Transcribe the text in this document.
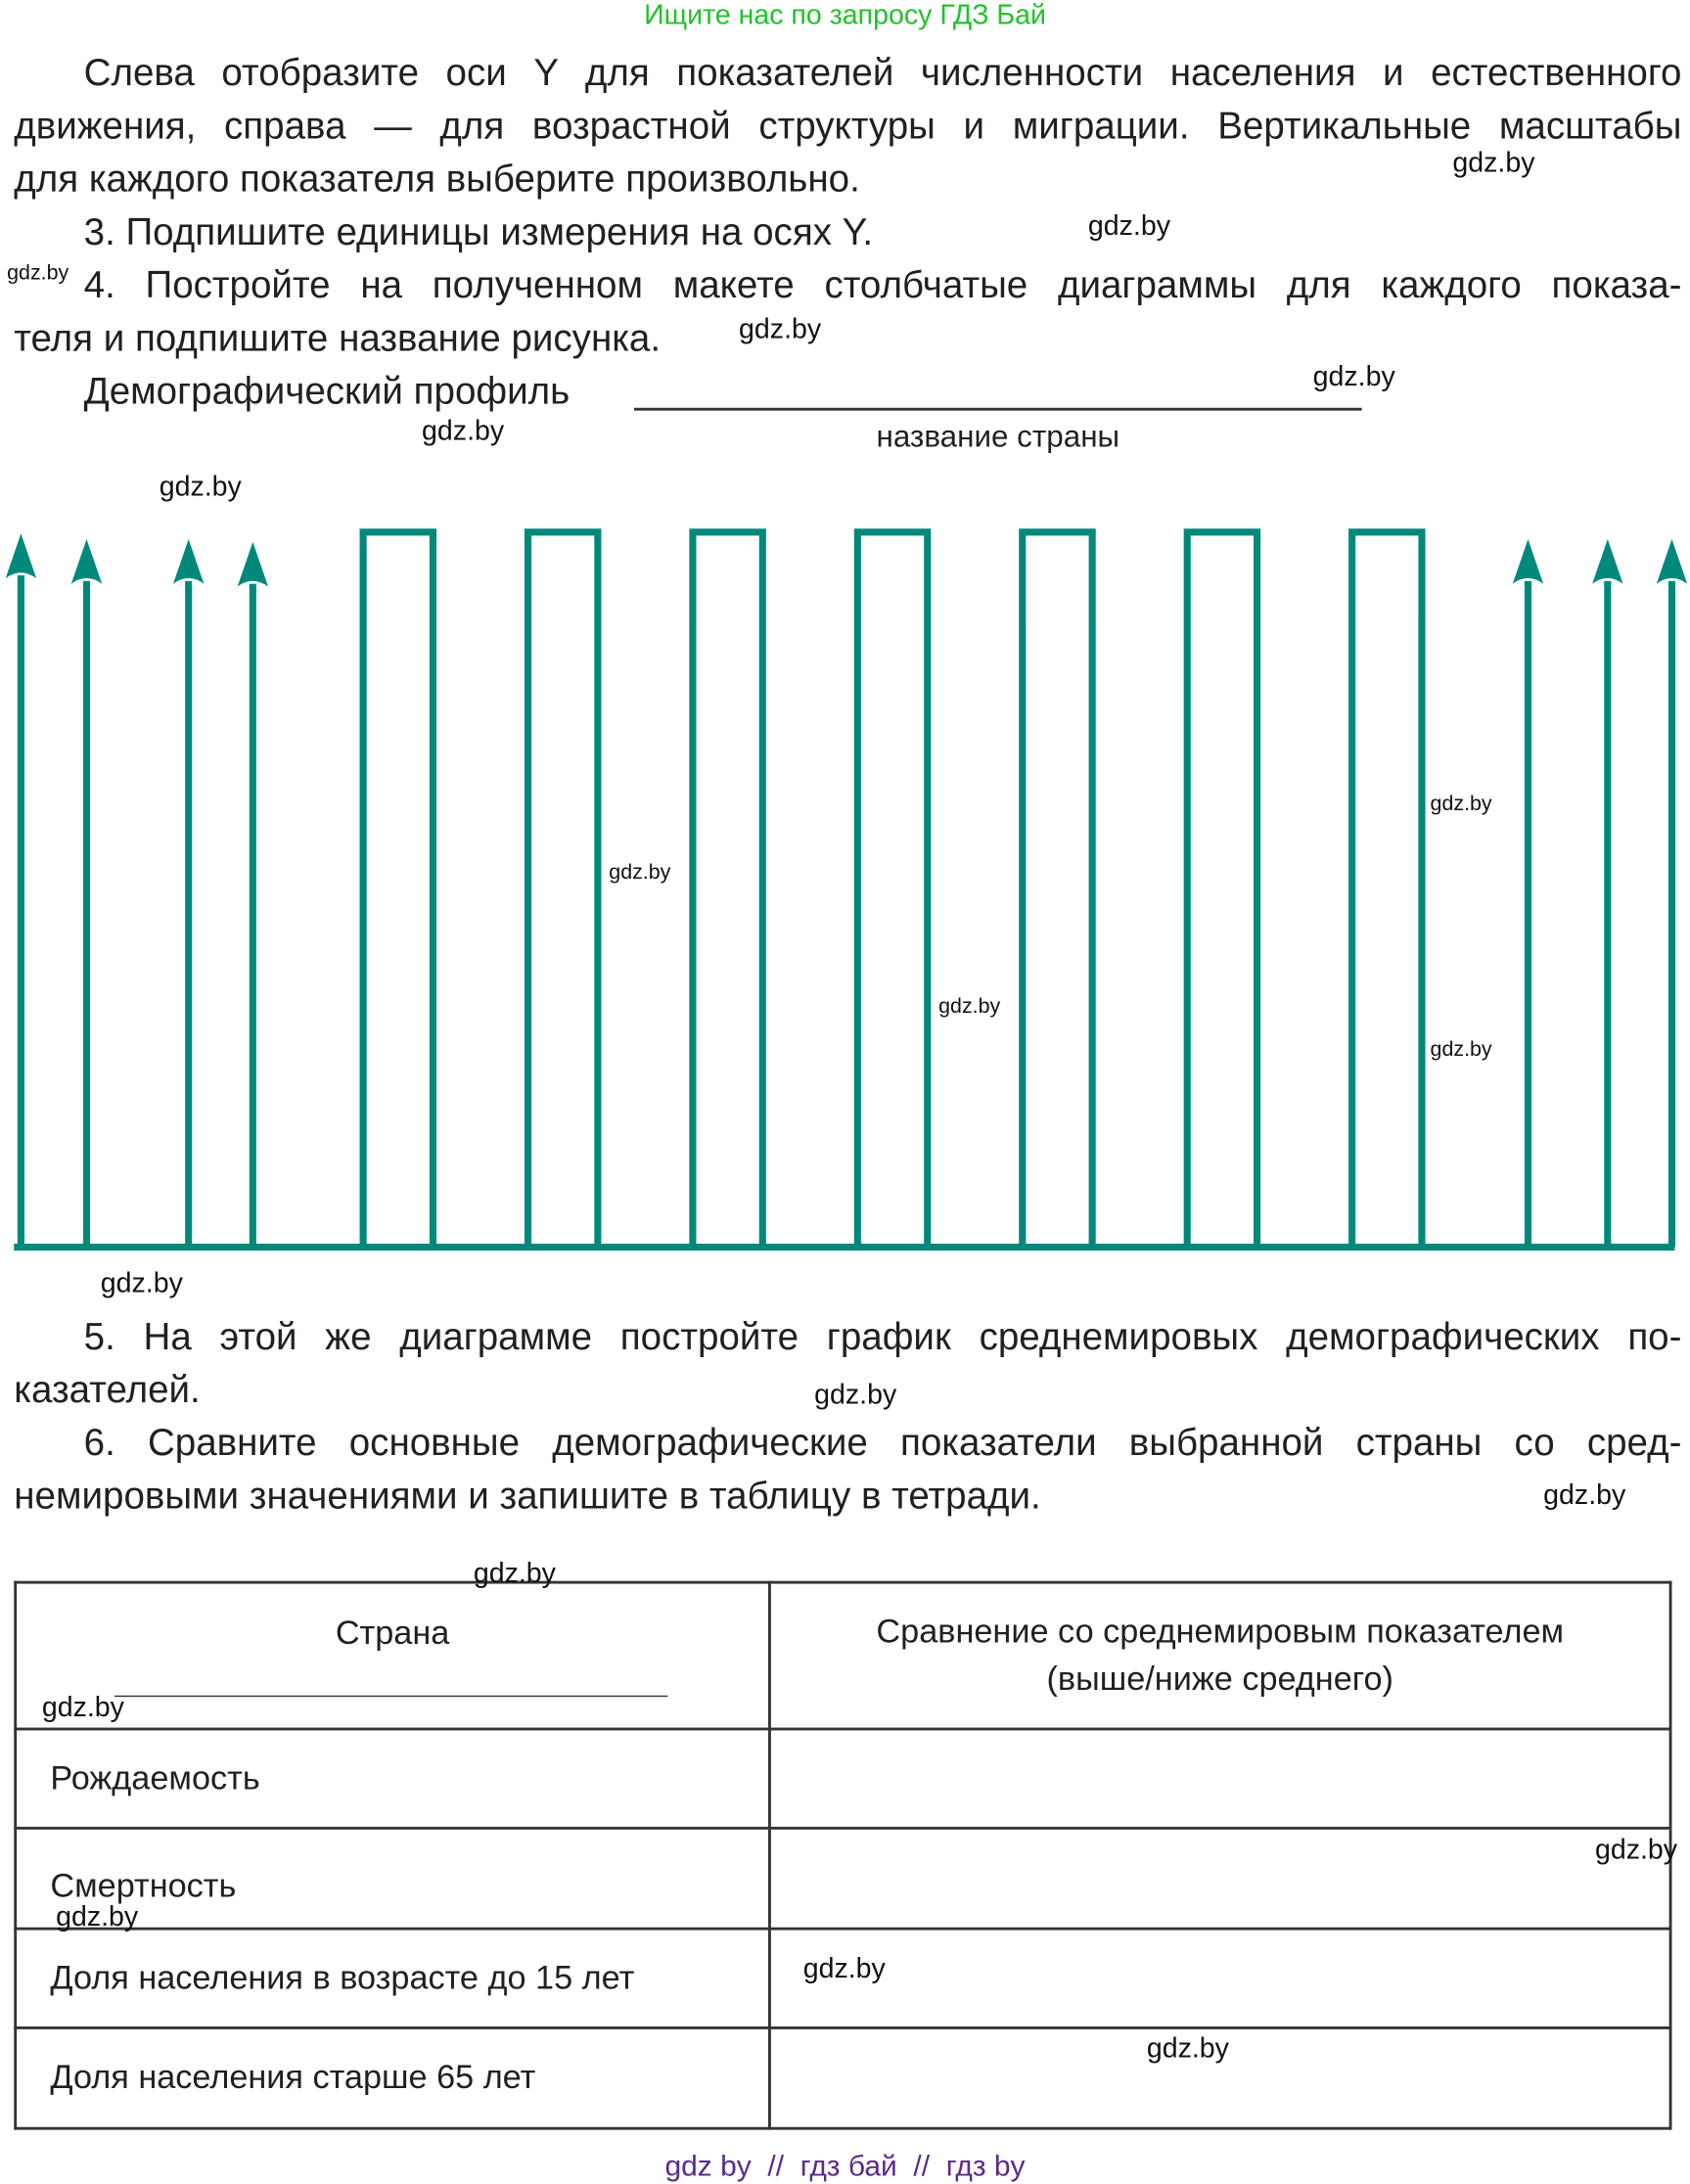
Ищите нас по запросу ГДЗ Бай
Слева отобразите оси Y для показателей численности населения и естественного
движения, справа — для возрастной структуры и миграции. Вертикальные масштабы
для каждого показателя выберите произвольно.
3. Подпишите единицы измерения на осях Y.
4. Постройте на полученном макете столбчатые диаграммы для каждого показа-
теля и подпишите название рисунка.
Демографический профиль
название страны
5. На этой же диаграмме постройте график среднемировых демографических по-
казателей.
6. Сравните основные демографические показатели выбранной страны со сред-
немировыми значениями и запишите в таблицу в тетради.
Страна	Сравнение со среднемировым показателем
(выше/ниже среднего)

Рождаемость	
Смертность	
Доля населения в возрасте до 15 лет	
Доля населения старше 65 лет	
gdz.by
gdz.by
gdz.by
gdz.by
gdz.by
gdz.by
gdz.by
gdz.by
gdz.by
gdz.by
gdz.by
gdz.by
gdz.by
gdz.by
gdz.by
gdz.by
gdz.by
gdz.by
gdz.by
gdz.by
gdz by  //  гдз бай  //  гдз by
